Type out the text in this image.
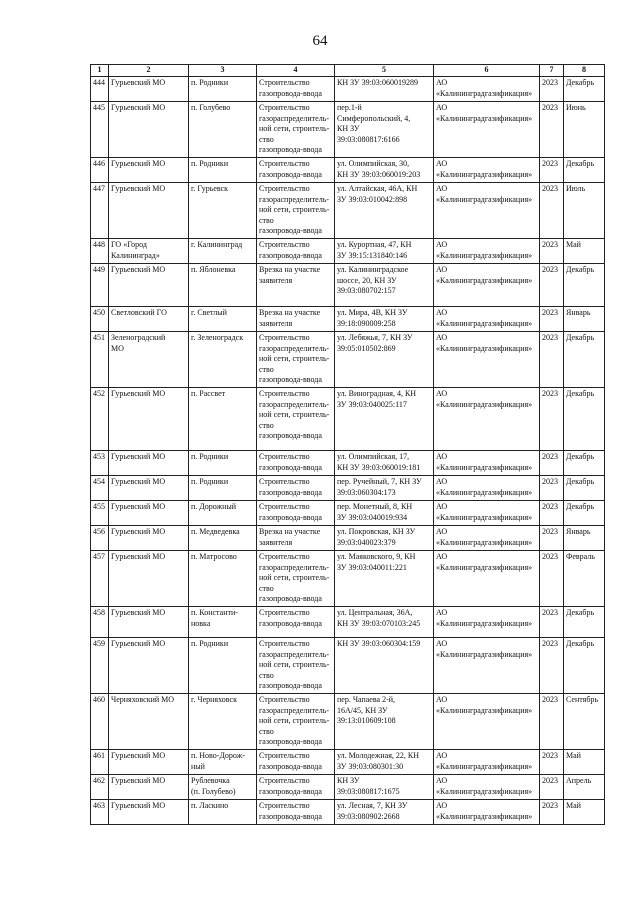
64
1	2	3	4	5	6	7	8

444	Гурьевский МО	п. Родники	Строительство
газопровода-ввода	КН ЗУ 39:03:060019289	АО
«Калининградгазификация»	2023	Декабрь

445	Гурьевский МО	п. Голубево	Строительство
газораспределитель-
ной сети, строитель-
ство
газопровода-ввода	пер.1-й
Симферопольский, 4,
КН ЗУ
39:03:080817:6166	АО
«Калининградгазификация»	2023	Июнь

446	Гурьевский МО	п. Родники	Строительство
газопровода-ввода	ул. Олимпийская, 30,
КН ЗУ 39:03:060019:203	АО
«Калининградгазификация»	2023	Декабрь

447	Гурьевский МО	г. Гурьевск	Строительство
газораспределитель-
ной сети, строитель-
ство
газопровода-ввода	ул. Алтайская, 46А, КН
ЗУ 39:03:010042:898	АО
«Калининградгазификация»	2023	Июль

448	ГО «Город
Калининград»	г. Калининград	Строительство
газопровода-ввода	ул. Курортная, 47, КН
ЗУ 39:15:131840:146	АО
«Калининградгазификация»	2023	Май

449	Гурьевский МО	п. Яблоневка	Врезка на участке
заявителя	ул. Калининградское
шоссе, 20, КН ЗУ
39:03:080702:157	АО
«Калининградгазификация»	2023	Декабрь

450	Светловский ГО	г. Светлый	Врезка на участке
заявителя	ул. Мира, 4В, КН ЗУ
39:18:090009:258	АО
«Калининградгазификация»	2023	Январь

451	Зеленоградский
МО	г. Зеленоградск	Строительство
газораспределитель-
ной сети, строитель-
ство
газопровода-ввода	ул. Лебяжья, 7, КН ЗУ
39:05:010502:869	АО
«Калининградгазификация»	2023	Декабрь

452	Гурьевский МО	п. Рассвет	Строительство
газораспределитель-
ной сети, строитель-
ство
газопровода-ввода	ул. Виноградная, 4, КН
ЗУ 39:03:040025:117	АО
«Калининградгазификация»	2023	Декабрь

453	Гурьевский МО	п. Родники	Строительство
газопровода-ввода	ул. Олимпийская, 17,
КН ЗУ 39:03:060019:181	АО
«Калининградгазификация»	2023	Декабрь

454	Гурьевский МО	п. Родники	Строительство
газопровода-ввода	пер. Ручейный, 7, КН ЗУ
39:03:060304:173	АО
«Калининградгазификация»	2023	Декабрь

455	Гурьевский МО	п. Дорожный	Строительство
газопровода-ввода	пер. Монетный, 8, КН
ЗУ 39:03:040019:934	АО
«Калининградгазификация»	2023	Декабрь

456	Гурьевский МО	п. Медведевка	Врезка на участке
заявителя	ул. Покровская, КН ЗУ
39:03:040023:379	АО
«Калининградгазификация»	2023	Январь

457	Гурьевский МО	п. Матросово	Строительство
газораспределитель-
ной сети, строитель-
ство
газопровода-ввода	ул. Маяковского, 9, КН
ЗУ 39:03:040011:221	АО
«Калининградгазификация»	2023	Февраль

458	Гурьевский МО	п. Константи-
новка	Строительство
газопровода-ввода	ул. Центральная, 36А,
КН ЗУ 39:03:070103:245	АО
«Калининградгазификация»	2023	Декабрь

459	Гурьевский МО	п. Родники	Строительство
газораспределитель-
ной сети, строитель-
ство
газопровода-ввода	КН ЗУ 39:03:060304:159	АО
«Калининградгазификация»	2023	Декабрь

460	Черняховский МО	г. Черняховск	Строительство
газораспределитель-
ной сети, строитель-
ство
газопровода-ввода	пер. Чапаева 2-й,
16А/45, КН ЗУ
39:13:010609:108	АО
«Калининградгазификация»	2023	Сентябрь

461	Гурьевский МО	п. Ново-Дорож-
ный	Строительство
газопровода-ввода	ул. Молодежная, 22, КН
ЗУ 39:03:080301:30	АО
«Калининградгазификация»	2023	Май

462	Гурьевский МО	Рублевочка
(п. Голубево)	Строительство
газопровода-ввода	КН ЗУ
39:03:080817:1675	АО
«Калининградгазификация»	2023	Апрель

463	Гурьевский МО	п. Ласкино	Строительство
газопровода-ввода	ул. Лесная, 7, КН ЗУ
39:03:080902:2668	АО
«Калининградгазификация»	2023	Май
